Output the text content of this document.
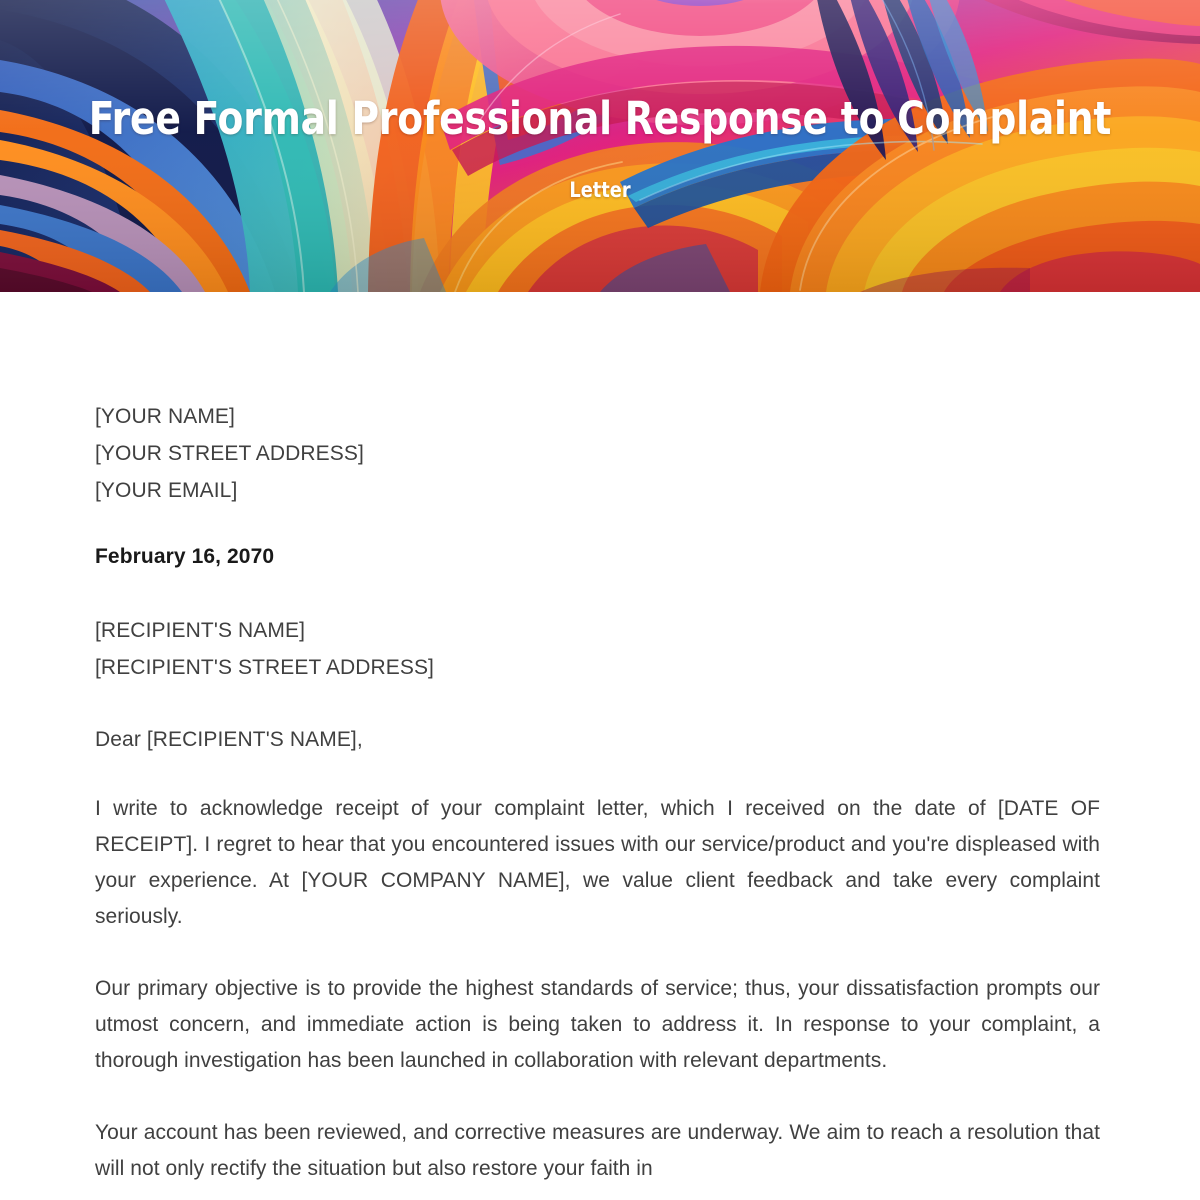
Free Formal Professional Response to Complaint
Letter
[YOUR NAME]
[YOUR STREET ADDRESS]
[YOUR EMAIL]
February 16, 2070
[RECIPIENT'S NAME]
[RECIPIENT'S STREET ADDRESS]
Dear [RECIPIENT'S NAME],
I write to acknowledge receipt of your complaint letter, which I received on the date of [DATE OF RECEIPT]. I regret to hear that you encountered issues with our service/product and you're displeased with your experience. At [YOUR COMPANY NAME], we value client feedback and take every complaint seriously.
Our primary objective is to provide the highest standards of service; thus, your dissatisfaction prompts our utmost concern, and immediate action is being taken to address it. In response to your complaint, a thorough investigation has been launched in collaboration with relevant departments.
Your account has been reviewed, and corrective measures are underway. We aim to reach a resolution that will not only rectify the situation but also restore your faith in
